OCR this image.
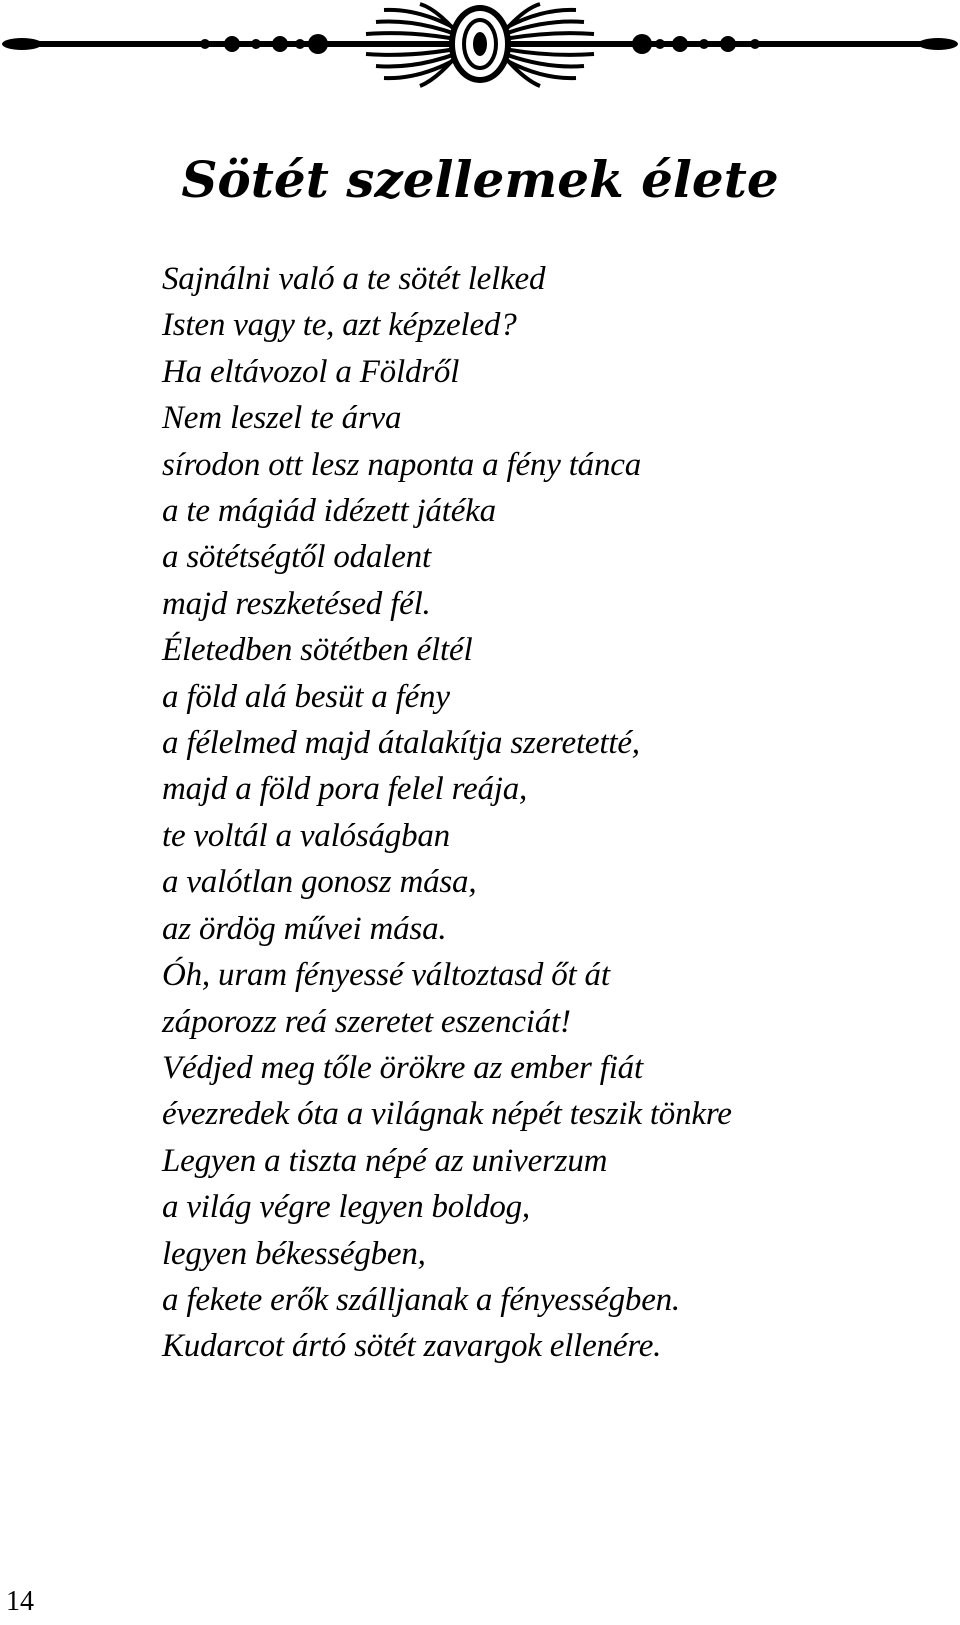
Sötét szellemek élete
Sajnálni való a te sötét lelked
Isten vagy te, azt képzeled?
Ha eltávozol a Földről
Nem leszel te árva
sírodon ott lesz naponta a fény tánca
a te mágiád idézett játéka
a sötétségtől odalent
majd reszketésed fél.
Életedben sötétben éltél
a föld alá besüt a fény
a félelmed majd átalakítja szeretetté,
majd a föld pora felel reája,
te voltál a valóságban
a valótlan gonosz mása,
az ördög művei mása.
Óh, uram fényessé változtasd őt át
záporozz reá szeretet eszenciát!
Védjed meg tőle örökre az ember fiát
évezredek óta a világnak népét teszik tönkre
Legyen a tiszta népé az univerzum
a világ végre legyen boldog,
legyen békességben,
a fekete erők szálljanak a fényességben.
Kudarcot ártó sötét zavargok ellenére.
14
